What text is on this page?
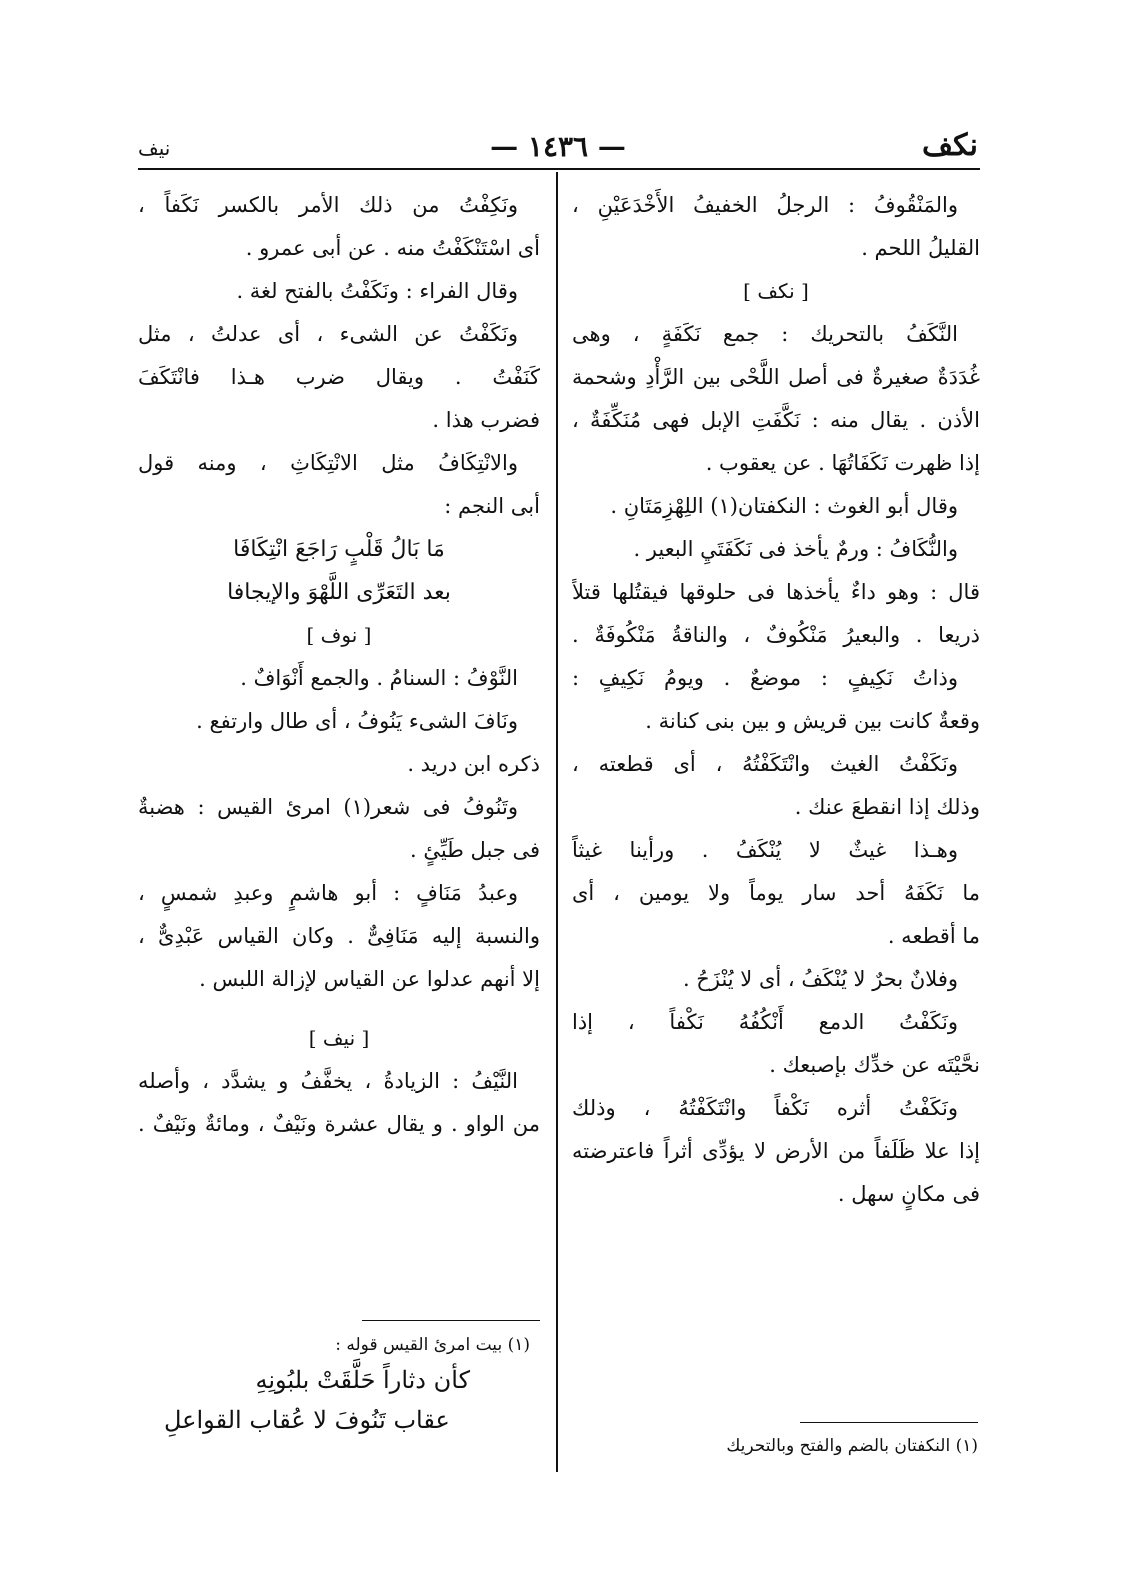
نكف
— ١٤٣٦ —
نيف
والمَنْقُوفُ : الرجلُ الخفيفُ الأَخْدَعَيْنِ ،
القليلُ اللحم .
[ نكف ]
النَّكَفُ بالتحريك : جمع نَكَفَةٍ ، وهى
غُدَدَةٌ صغيرةٌ فى أصل اللَّحْى بين الرَّأْدِ وشحمة
الأذن . يقال منه : نَكَّفَتِ الإبل فهى مُنَكِّفَةٌ ،
إذا ظهرت نَكَفَاتُهَا . عن يعقوب .
وقال أبو الغوث : النكفتان(١) اللِهْزِمَتَانِ .
والنُّكَافُ : ورمٌ يأخذ فى نَكَفَتَيِ البعير .
قال : وهو داءٌ يأخذها فى حلوقها فيقتُلها قتلاً
ذريعا . والبعيرُ مَنْكُوفٌ ، والناقةُ مَنْكُوفَةٌ .
وذاتُ نَكِيفٍ : موضعٌ . ويومُ نَكِيفٍ :
وقعةٌ كانت بين قريش و بين بنى كنانة .
ونَكَفْتُ الغيث وانْتَكَفْتُهُ ، أى قطعته ،
وذلك إذا انقطعَ عنك .
وهـذا غيثٌ لا يُنْكَفُ . ورأينا غيثاً
ما نَكَفَهُ أحد سار يوماً ولا يومين ، أى
ما أقطعه .
وفلانٌ بحرٌ لا يُنْكَفُ ، أى لا يُنْزَحُ .
ونَكَفْتُ الدمع أَنْكُفُهُ نَكْفاً ، إذا
نحَّيْتَه عن خدِّك بإصبعك .
ونَكَفْتُ أثره نَكْفاً وانْتَكَفْتُهُ ، وذلك
إذا علا ظَلَفاً من الأرض لا يؤدِّى أثراً فاعترضته
فى مكانٍ سهل .
(١) النكفتان بالضم والفتح وبالتحريك
ونَكِفْتُ من ذلك الأمر بالكسر نَكَفاً ،
أى اسْتَنْكَفْتُ منه . عن أبى عمرو .
وقال الفراء : ونَكَفْتُ بالفتح لغة .
ونَكَفْتُ عن الشىء ، أى عدلتُ ، مثل
كَنَفْتُ . ويقال ضرب هـذا فانْتَكَفَ
فضرب هذا .
والانْتِكَافُ مثل الانْتِكَاثِ ، ومنه قول
أبى النجم :
مَا بَالُ قَلْبٍ رَاجَعَ انْتِكَافَا
بعد التَعَرِّى اللَّهْوَ والإيجافا
[ نوف ]
النَّوْفُ : السنامُ . والجمع أَنْوَافٌ .
ونَافَ الشىء يَنُوفُ ، أى طال وارتفع .
ذكره ابن دريد .
وتَنُوفُ فى شعر(١) امرئ القيس : هضبةٌ
فى جبل طَيِّئٍ .
وعبدُ مَنَافٍ : أبو هاشمٍ وعبدِ شمسٍ ،
والنسبة إليه مَنَافِىٌّ . وكان القياس عَبْدِىٌّ ،
إلا أنهم عدلوا عن القياس لإزالة اللبس .
[ نيف ]
النَّيْفُ : الزيادةُ ، يخفَّفُ و يشدَّد ، وأصله
من الواو . و يقال عشرة ونَيْفٌ ، ومائةٌ ونَيْفٌ .
(١) بيت امرئ القيس قوله :
كأن دثاراً حَلَّقَتْ بلبُونِهِ
عقاب تَنُوفَ لا عُقاب القواعلِ
